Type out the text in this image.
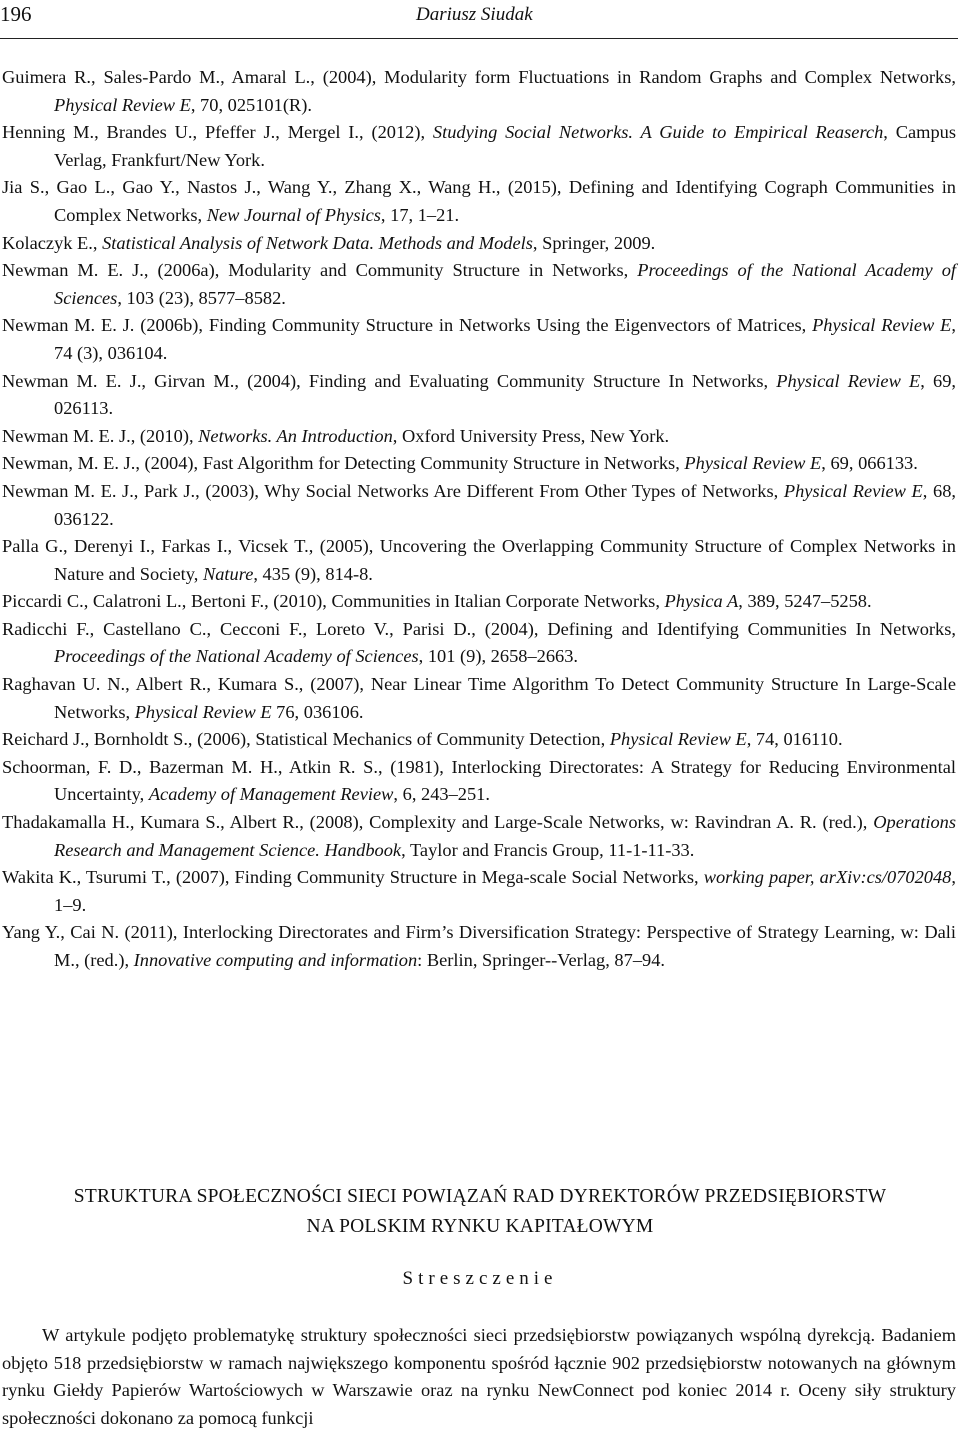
196	Dariusz Siudak

Guimera R., Sales-Pardo M., Amaral L., (2004), Modularity form Fluctuations in Random Graphs and Complex Networks, Physical Review E, 70, 025101(R).

Henning M., Brandes U., Pfeffer J., Mergel I., (2012), Studying Social Networks. A Guide to Empirical Reaserch, Campus Verlag, Frankfurt/New York.

Jia S., Gao L., Gao Y., Nastos J., Wang Y., Zhang X., Wang H., (2015), Defining and Identifying Cograph Communities in Complex Networks, New Journal of Physics, 17, 1–21.

Kolaczyk E., Statistical Analysis of Network Data. Methods and Models, Springer, 2009.

Newman M. E. J., (2006a), Modularity and Community Structure in Networks, Proceedings of the National Academy of Sciences, 103 (23), 8577–8582.

Newman M. E. J. (2006b), Finding Community Structure in Networks Using the Eigenvectors of Matrices, Physical Review E, 74 (3), 036104.

Newman M. E. J., Girvan M., (2004), Finding and Evaluating Community Structure In Networks, Physical Review E, 69, 026113.

Newman M. E. J., (2010), Networks. An Introduction, Oxford University Press, New York.

Newman, M. E. J., (2004), Fast Algorithm for Detecting Community Structure in Networks, Physical Review E, 69, 066133.

Newman M. E. J., Park J., (2003), Why Social Networks Are Different From Other Types of Networks, Physical Review E, 68, 036122.

Palla G., Derenyi I., Farkas I., Vicsek T., (2005), Uncovering the Overlapping Community Structure of Complex Networks in Nature and Society, Nature, 435 (9), 814-8.

Piccardi C., Calatroni L., Bertoni F., (2010), Communities in Italian Corporate Networks, Physica A, 389, 5247–5258.

Radicchi F., Castellano C., Cecconi F., Loreto V., Parisi D., (2004), Defining and Identifying Communities In Networks, Proceedings of the National Academy of Sciences, 101 (9), 2658–2663.

Raghavan U. N., Albert R., Kumara S., (2007), Near Linear Time Algorithm To Detect Community Structure In Large-Scale Networks, Physical Review E 76, 036106.

Reichard J., Bornholdt S., (2006), Statistical Mechanics of Community Detection, Physical Review E, 74, 016110.

Schoorman, F. D., Bazerman M. H., Atkin R. S., (1981), Interlocking Directorates: A Strategy for Reducing Environmental Uncertainty, Academy of Management Review, 6, 243–251.

Thadakamalla H., Kumara S., Albert R., (2008), Complexity and Large-Scale Networks, w: Ravindran A. R. (red.), Operations Research and Management Science. Handbook, Taylor and Francis Group, 11-1-11-33.

Wakita K., Tsurumi T., (2007), Finding Community Structure in Mega-scale Social Networks, working paper, arXiv:cs/0702048, 1–9.

Yang Y., Cai N. (2011), Interlocking Directorates and Firm’s Diversification Strategy: Perspective of Strategy Learning, w: Dali M., (red.), Innovative computing and information: Berlin, Springer--Verlag, 87–94.

STRUKTURA SPOŁECZNOŚCI SIECI POWIĄZAŃ RAD DYREKTORÓW PRZEDSIĘBIORSTW
NA POLSKIM RYNKU KAPITAŁOWYM
Streszczenie

W artykule podjęto problematykę struktury społeczności sieci przedsiębiorstw powiązanych wspólną dyrekcją. Badaniem objęto 518 przedsiębiorstw w ramach największego komponentu spośród łącznie 902 przedsiębiorstw notowanych na głównym rynku Giełdy Papierów Wartościowych w Warszawie oraz na rynku NewConnect pod koniec 2014 r. Oceny siły struktury społeczności dokonano za pomocą funkcji
